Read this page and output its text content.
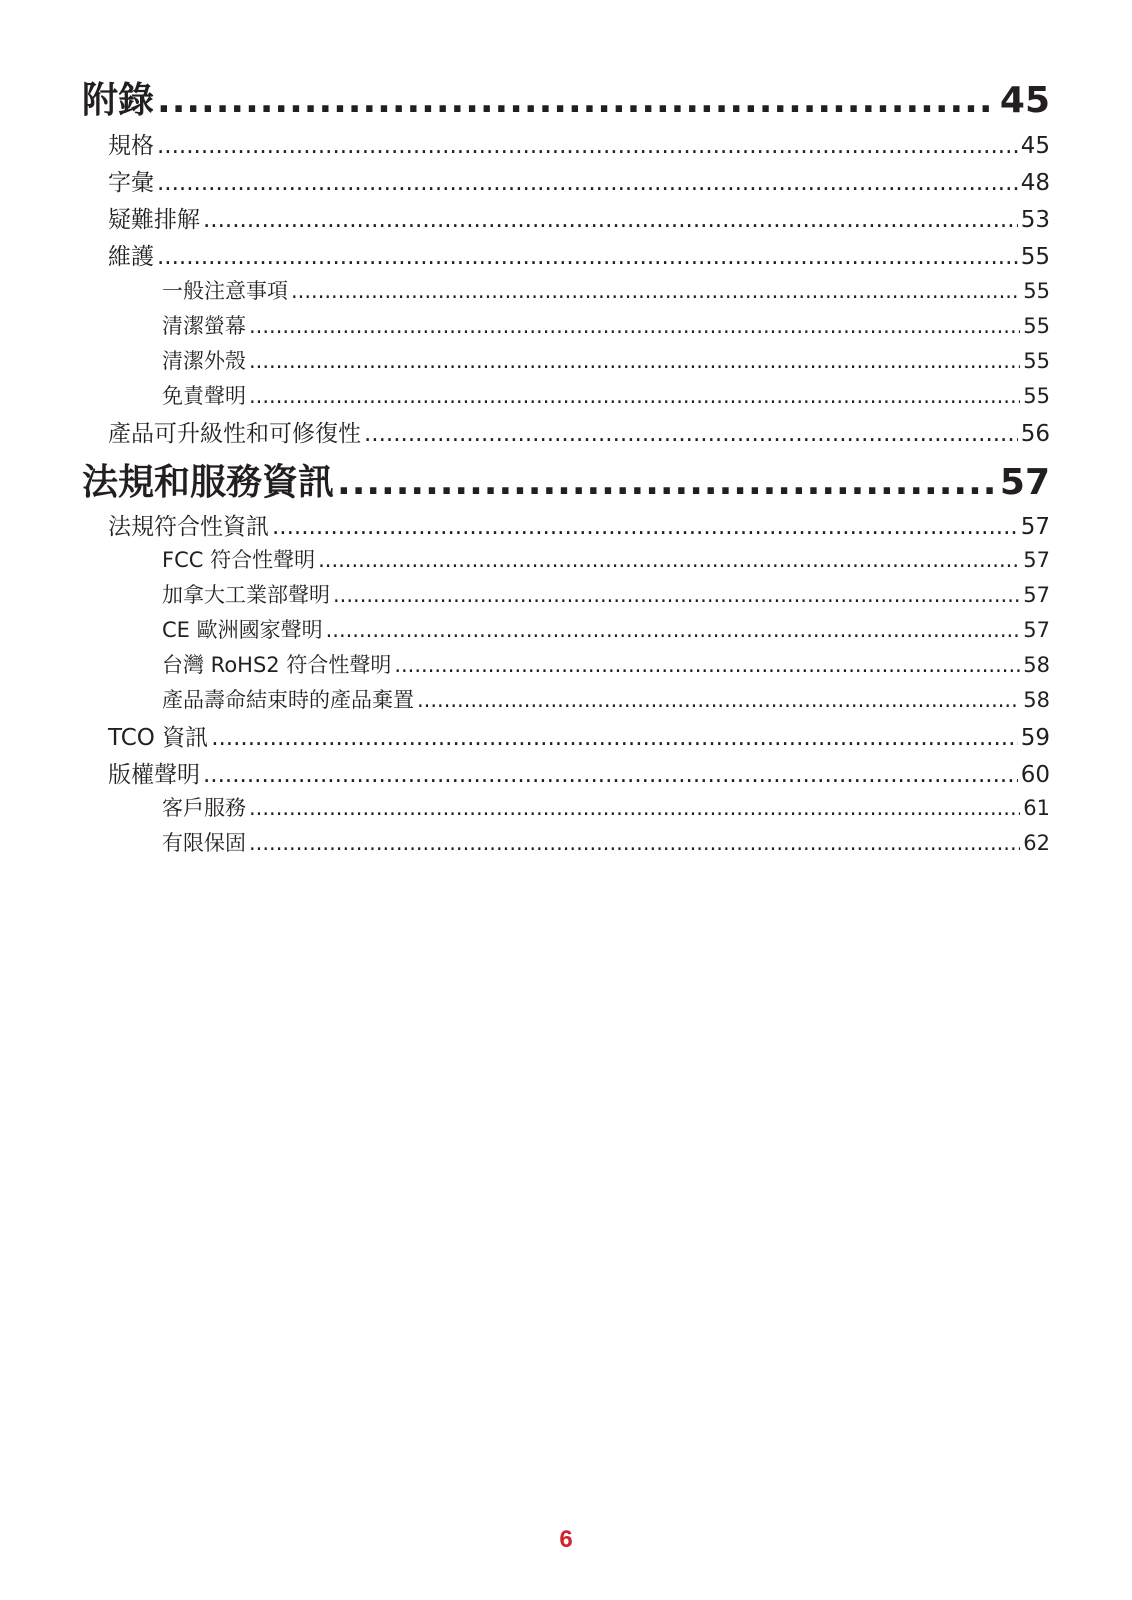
附錄 .....	45
規格 .....	45
字彙 .....	48
疑難排解 .....	53
維護 .....	55
一般注意事項 .....	55
清潔螢幕 .....	55
清潔外殼 .....	55
免責聲明 .....	55
產品可升級性和可修復性 .....	56
法規和服務資訊 .....	57
法規符合性資訊 .....	57
FCC 符合性聲明 .....	57
加拿大工業部聲明 .....	57
CE 歐洲國家聲明 .....	57
台灣 RoHS2 符合性聲明 .....	58
產品壽命結束時的產品棄置 .....	58
TCO 資訊 .....	59
版權聲明 .....	60
客戶服務 .....	61
有限保固 .....	62
6
